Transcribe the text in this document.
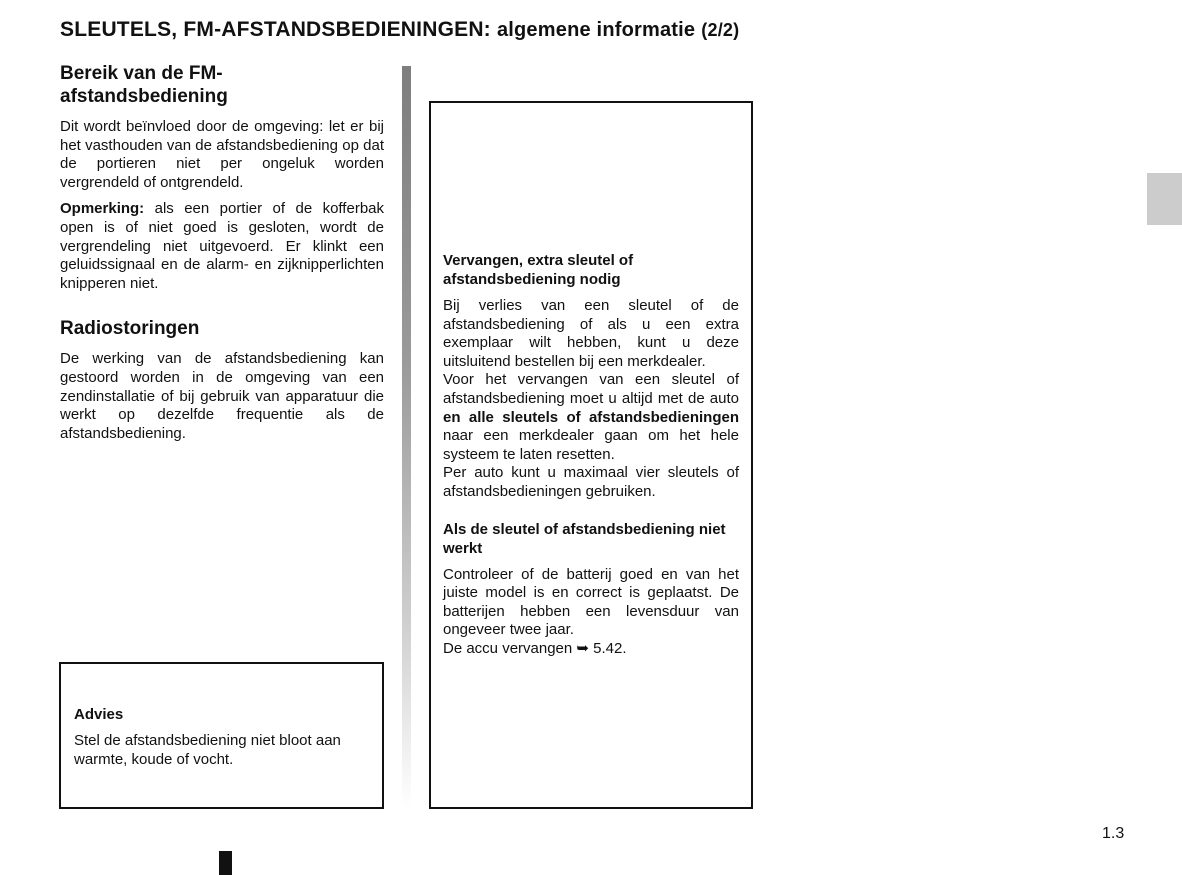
SLEUTELS, FM-AFSTANDSBEDIENINGEN: algemene informatie (2/2)
Bereik van de FM-afstandsbediening

Dit wordt beïnvloed door de omgeving: let er bij het vasthouden van de afstandsbediening op dat de portieren niet per ongeluk worden vergrendeld of ontgrendeld.

Opmerking: als een portier of de kofferbak open is of niet goed is gesloten, wordt de vergrendeling niet uitgevoerd. Er klinkt een geluidssignaal en de alarm- en zijknipperlichten knipperen niet.

Radiostoringen

De werking van de afstandsbediening kan gestoord worden in de omgeving van een zendinstallatie of bij gebruik van apparatuur die werkt op dezelfde frequentie als de afstandsbediening.

Advies

Stel de afstandsbediening niet bloot aan warmte, koude of vocht.

Vervangen, extra sleutel of afstandsbediening nodig

Bij verlies van een sleutel of de afstandsbediening of als u een extra exemplaar wilt hebben, kunt u deze uitsluitend bestellen bij een merkdealer.

Voor het vervangen van een sleutel of afstandsbediening moet u altijd met de auto en alle sleutels of afstandsbedieningen naar een merkdealer gaan om het hele systeem te laten resetten.

Per auto kunt u maximaal vier sleutels of afstandsbedieningen gebruiken.

Als de sleutel of afstandsbediening niet werkt

Controleer of de batterij goed en van het juiste model is en correct is geplaatst. De batterijen hebben een levensduur van ongeveer twee jaar.

De accu vervangen ➥ 5.42.

1.3
